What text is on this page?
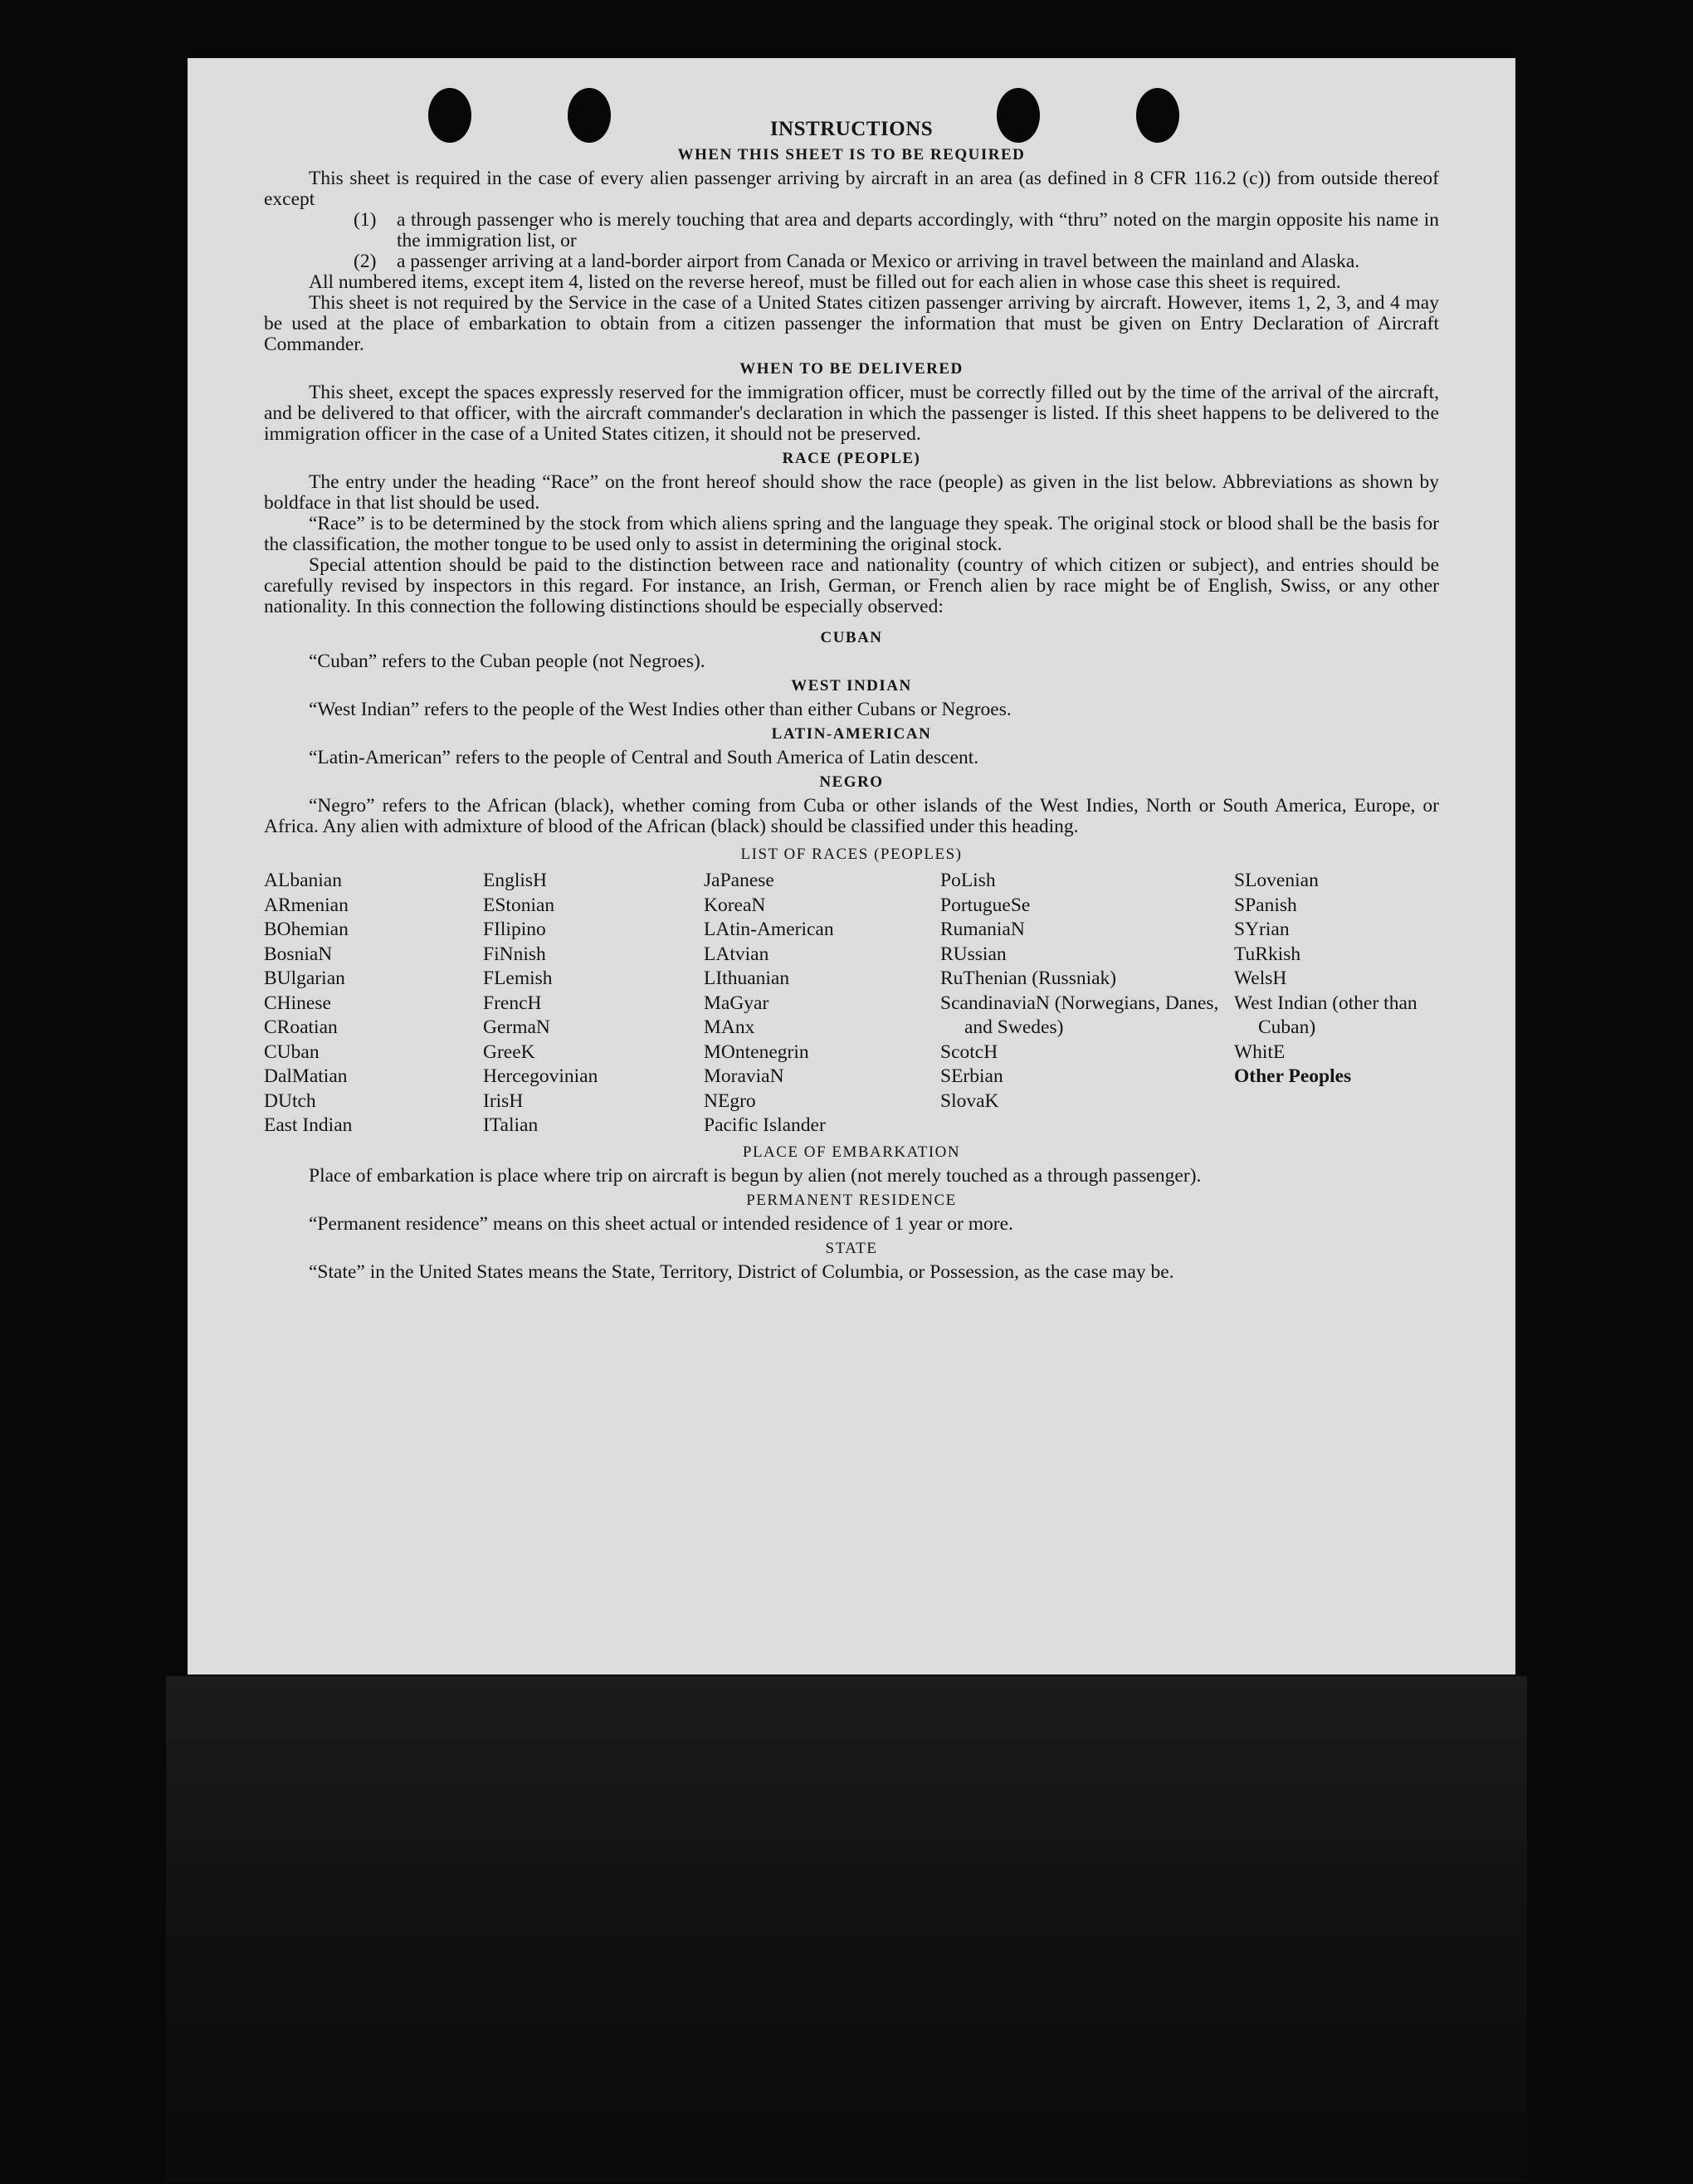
INSTRUCTIONS
WHEN THIS SHEET IS TO BE REQUIRED

This sheet is required in the case of every alien passenger arriving by aircraft in an area (as defined in 8 CFR 116.2 (c)) from outside thereof except

(1)	a through passenger who is merely touching that area and departs accordingly, with “thru” noted on the margin opposite his name in the immigration list, or
(2)	a passenger arriving at a land-border airport from Canada or Mexico or arriving in travel between the mainland and Alaska.

All numbered items, except item 4, listed on the reverse hereof, must be filled out for each alien in whose case this sheet is required.

This sheet is not required by the Service in the case of a United States citizen passenger arriving by aircraft. However, items 1, 2, 3, and 4 may be used at the place of embarkation to obtain from a citizen passenger the information that must be given on Entry Declaration of Aircraft Commander.

WHEN TO BE DELIVERED

This sheet, except the spaces expressly reserved for the immigration officer, must be correctly filled out by the time of the arrival of the aircraft, and be delivered to that officer, with the aircraft commander's declaration in which the passenger is listed. If this sheet happens to be delivered to the immigration officer in the case of a United States citizen, it should not be preserved.

RACE (PEOPLE)

The entry under the heading “Race” on the front hereof should show the race (people) as given in the list below. Abbreviations as shown by boldface in that list should be used.

“Race” is to be determined by the stock from which aliens spring and the language they speak. The original stock or blood shall be the basis for the classification, the mother tongue to be used only to assist in determining the original stock.

Special attention should be paid to the distinction between race and nationality (country of which citizen or subject), and entries should be carefully revised by inspectors in this regard. For instance, an Irish, German, or French alien by race might be of English, Swiss, or any other nationality. In this connection the following distinctions should be especially observed:

CUBAN

“Cuban” refers to the Cuban people (not Negroes).

WEST INDIAN

“West Indian” refers to the people of the West Indies other than either Cubans or Negroes.

LATIN-AMERICAN

“Latin-American” refers to the people of Central and South America of Latin descent.

NEGRO

“Negro” refers to the African (black), whether coming from Cuba or other islands of the West Indies, North or South America, Europe, or Africa. Any alien with admixture of blood of the African (black) should be classified under this heading.

LIST OF RACES (PEOPLES)
ALbanian
ARmenian
BOhemian
BosniaN
BUlgarian
CHinese
CRoatian
CUban
DalMatian
DUtch
East Indian
EnglisH
EStonian
FIlipino
FiNnish
FLemish
FrencH
GermaN
GreeK
Hercegovinian
IrisH
ITalian
JaPanese
KoreaN
LAtin-American
LAtvian
LIthuanian
MaGyar
MAnx
MOntenegrin
MoraviaN
NEgro
Pacific Islander
PoLish
PortugueSe
RumaniaN
RUssian
RuThenian (Russniak)
ScandinaviaN (Norwegians, Danes, and Swedes)
ScotcH
SErbian
SlovaK
SLovenian
SPanish
SYrian
TuRkish
WelsH
West Indian (other than Cuban)
WhitE
Other Peoples
PLACE OF EMBARKATION

Place of embarkation is place where trip on aircraft is begun by alien (not merely touched as a through passenger).

PERMANENT RESIDENCE

“Permanent residence” means on this sheet actual or intended residence of 1 year or more.

STATE

“State” in the United States means the State, Territory, District of Columbia, or Possession, as the case may be.
